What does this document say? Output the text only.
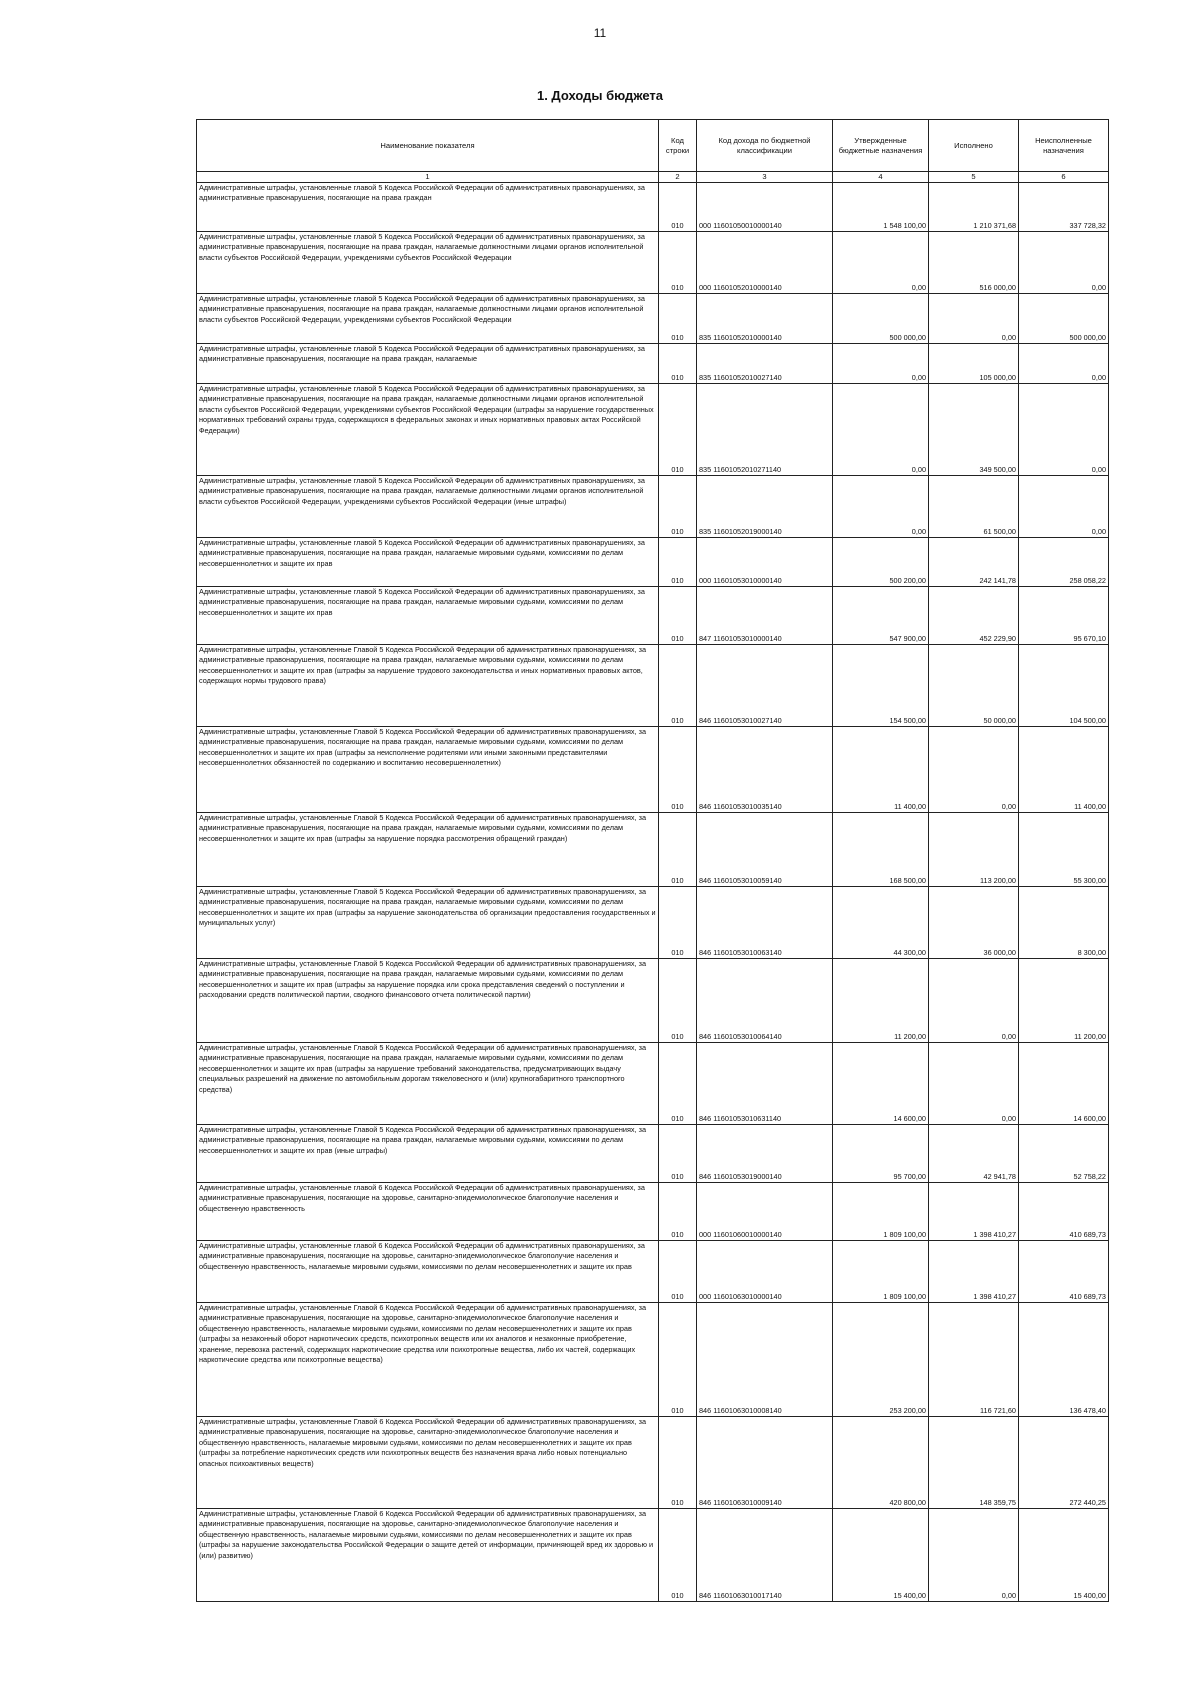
11
1. Доходы бюджета
Наименование показателя	Код строки	Код дохода по бюджетной классификации	Утвержденные бюджетные назначения	Исполнено	Неисполненные назначения
1	2	3	4	5	6
Административные штрафы, установленные главой 5 Кодекса Российской Федерации об административных правонарушениях, за административные правонарушения, посягающие на права граждан	010	000 11601050010000140	1 548 100,00	1 210 371,68	337 728,32
Административные штрафы, установленные главой 5 Кодекса Российской Федерации об административных правонарушениях, за административные правонарушения, посягающие на права граждан, налагаемые должностными лицами органов исполнительной власти субъектов Российской Федерации, учреждениями субъектов Российской Федерации	010	000 11601052010000140	0,00	516 000,00	0,00
Административные штрафы, установленные главой 5 Кодекса Российской Федерации об административных правонарушениях, за административные правонарушения, посягающие на права граждан, налагаемые должностными лицами органов исполнительной власти субъектов Российской Федерации, учреждениями субъектов Российской Федерации	010	835 11601052010000140	500 000,00	0,00	500 000,00
Административные штрафы, установленные главой 5 Кодекса Российской Федерации об административных правонарушениях, за административные правонарушения, посягающие на права граждан, налагаемые	010	835 11601052010027140	0,00	105 000,00	0,00
Административные штрафы, установленные главой 5 Кодекса Российской Федерации об административных правонарушениях, за административные правонарушения, посягающие на права граждан, налагаемые должностными лицами органов исполнительной власти субъектов Российской Федерации, учреждениями субъектов Российской Федерации (штрафы за нарушение государственных нормативных требований охраны труда, содержащихся в федеральных законах и иных нормативных правовых актах Российской Федерации)	010	835 11601052010271140	0,00	349 500,00	0,00
Административные штрафы, установленные главой 5 Кодекса Российской Федерации об административных правонарушениях, за административные правонарушения, посягающие на права граждан, налагаемые должностными лицами органов исполнительной власти субъектов Российской Федерации, учреждениями субъектов Российской Федерации (иные штрафы)	010	835 11601052019000140	0,00	61 500,00	0,00
Административные штрафы, установленные главой 5 Кодекса Российской Федерации об административных правонарушениях, за административные правонарушения, посягающие на права граждан, налагаемые мировыми судьями, комиссиями по делам несовершеннолетних и защите их прав	010	000 11601053010000140	500 200,00	242 141,78	258 058,22
Административные штрафы, установленные главой 5 Кодекса Российской Федерации об административных правонарушениях, за административные правонарушения, посягающие на права граждан, налагаемые мировыми судьями, комиссиями по делам несовершеннолетних и защите их прав	010	847 11601053010000140	547 900,00	452 229,90	95 670,10
Административные штрафы, установленные Главой 5 Кодекса Российской Федерации об административных правонарушениях, за административные правонарушения, посягающие на права граждан, налагаемые мировыми судьями, комиссиями по делам несовершеннолетних и защите их прав (штрафы за нарушение трудового законодательства и иных нормативных правовых актов, содержащих нормы трудового права)	010	846 11601053010027140	154 500,00	50 000,00	104 500,00
Административные штрафы, установленные Главой 5 Кодекса Российской Федерации об административных правонарушениях, за административные правонарушения, посягающие на права граждан, налагаемые мировыми судьями, комиссиями по делам несовершеннолетних и защите их прав (штрафы за неисполнение родителями или иными законными представителями несовершеннолетних обязанностей по содержанию и воспитанию несовершеннолетних)	010	846 11601053010035140	11 400,00	0,00	11 400,00
Административные штрафы, установленные Главой 5 Кодекса Российской Федерации об административных правонарушениях, за административные правонарушения, посягающие на права граждан, налагаемые мировыми судьями, комиссиями по делам несовершеннолетних и защите их прав (штрафы за нарушение порядка рассмотрения обращений граждан)	010	846 11601053010059140	168 500,00	113 200,00	55 300,00
Административные штрафы, установленные Главой 5 Кодекса Российской Федерации об административных правонарушениях, за административные правонарушения, посягающие на права граждан, налагаемые мировыми судьями, комиссиями по делам несовершеннолетних и защите их прав (штрафы за нарушение законодательства об организации предоставления государственных и муниципальных услуг)	010	846 11601053010063140	44 300,00	36 000,00	8 300,00
Административные штрафы, установленные Главой 5 Кодекса Российской Федерации об административных правонарушениях, за административные правонарушения, посягающие на права граждан, налагаемые мировыми судьями, комиссиями по делам несовершеннолетних и защите их прав (штрафы за нарушение порядка или срока представления сведений о поступлении и расходовании средств политической партии, сводного финансового отчета политической партии)	010	846 11601053010064140	11 200,00	0,00	11 200,00
Административные штрафы, установленные Главой 5 Кодекса Российской Федерации об административных правонарушениях, за административные правонарушения, посягающие на права граждан, налагаемые мировыми судьями, комиссиями по делам несовершеннолетних и защите их прав (штрафы за нарушение требований законодательства, предусматривающих выдачу специальных разрешений на движение по автомобильным дорогам тяжеловесного и (или) крупногабаритного транспортного средства)	010	846 11601053010631140	14 600,00	0,00	14 600,00
Административные штрафы, установленные Главой 5 Кодекса Российской Федерации об административных правонарушениях, за административные правонарушения, посягающие на права граждан, налагаемые мировыми судьями, комиссиями по делам несовершеннолетних и защите их прав (иные штрафы)	010	846 11601053019000140	95 700,00	42 941,78	52 758,22
Административные штрафы, установленные главой 6 Кодекса Российской Федерации об административных правонарушениях, за административные правонарушения, посягающие на здоровье, санитарно-эпидемиологическое благополучие населения и общественную нравственность	010	000 11601060010000140	1 809 100,00	1 398 410,27	410 689,73
Административные штрафы, установленные главой 6 Кодекса Российской Федерации об административных правонарушениях, за административные правонарушения, посягающие на здоровье, санитарно-эпидемиологическое благополучие населения и общественную нравственность, налагаемые мировыми судьями, комиссиями по делам несовершеннолетних и защите их прав	010	000 11601063010000140	1 809 100,00	1 398 410,27	410 689,73
Административные штрафы, установленные Главой 6 Кодекса Российской Федерации об административных правонарушениях, за административные правонарушения, посягающие на здоровье, санитарно-эпидемиологическое благополучие населения и общественную нравственность, налагаемые мировыми судьями, комиссиями по делам несовершеннолетних и защите их прав (штрафы за незаконный оборот наркотических средств, психотропных веществ или их аналогов и незаконные приобретение, хранение, перевозка растений, содержащих наркотические средства или психотропные вещества, либо их частей, содержащих наркотические средства или психотропные вещества)	010	846 11601063010008140	253 200,00	116 721,60	136 478,40
Административные штрафы, установленные Главой 6 Кодекса Российской Федерации об административных правонарушениях, за административные правонарушения, посягающие на здоровье, санитарно-эпидемиологическое благополучие населения и общественную нравственность, налагаемые мировыми судьями, комиссиями по делам несовершеннолетних и защите их прав (штрафы за потребление наркотических средств или психотропных веществ без назначения врача либо новых потенциально опасных психоактивных веществ)	010	846 11601063010009140	420 800,00	148 359,75	272 440,25
Административные штрафы, установленные Главой 6 Кодекса Российской Федерации об административных правонарушениях, за административные правонарушения, посягающие на здоровье, санитарно-эпидемиологическое благополучие населения и общественную нравственность, налагаемые мировыми судьями, комиссиями по делам несовершеннолетних и защите их прав (штрафы за нарушение законодательства Российской Федерации о защите детей от информации, причиняющей вред их здоровью и (или) развитию)	010	846 11601063010017140	15 400,00	0,00	15 400,00
